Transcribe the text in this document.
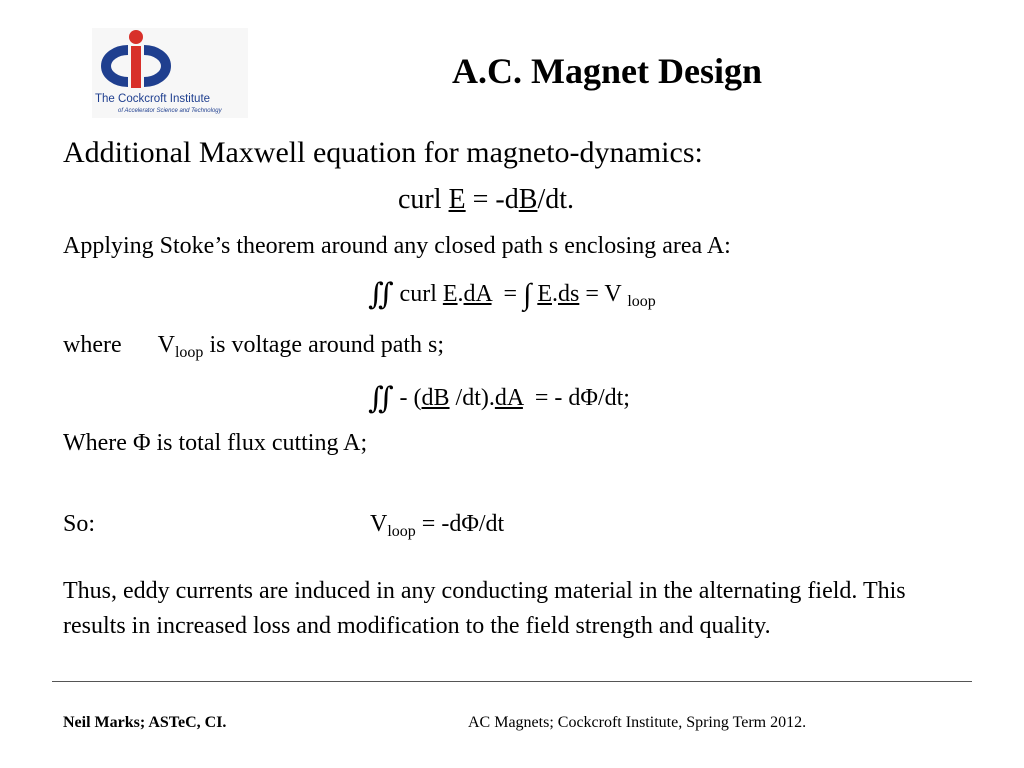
The Cockcroft Institute
of Accelerator Science and Technology
A.C. Magnet Design
Additional Maxwell equation for magneto-dynamics:
curl E = -dB/dt.
Applying Stoke’s theorem around any closed path s enclosing area A:
∬ curl E.dA  = ∫ E.ds = V $_{loop}$
where $V_{loop}$ is voltage around path s;
∬ - (dB /dt).dA  = - dΦ/dt;
Where Φ is total flux cutting A;
So:	$V_{loop} = -d\Phi/dt$
Thus, eddy currents are induced in any conducting material in the alternating field. This results in increased loss and modification to the field strength and quality.
Neil Marks; ASTeC, CI.	AC Magnets; Cockcroft Institute, Spring Term 2012.
